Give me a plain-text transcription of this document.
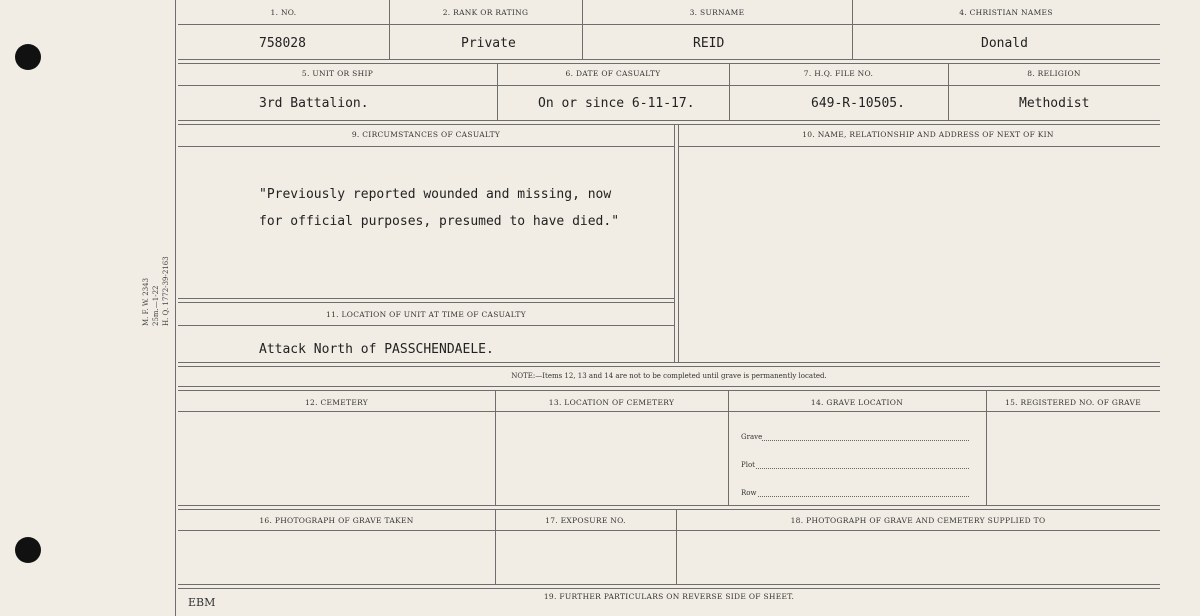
M. F. W. 2343 25m.—1-22 H. Q. 1772-39-2163
1. NO.	2. RANK OR RATING	3. SURNAME	4. CHRISTIAN NAMES
758028	Private	REID	Donald
5. UNIT OR SHIP	6. DATE OF CASUALTY	7. H.Q. FILE NO.	8. RELIGION
3rd Battalion.	On or since 6-11-17.	649-R-10505.	Methodist
9. CIRCUMSTANCES OF CASUALTY	10. NAME, RELATIONSHIP AND ADDRESS OF NEXT OF KIN
"Previously reported wounded and missing, now
for official purposes, presumed to have died."
11. LOCATION OF UNIT AT TIME OF CASUALTY
Attack North of PASSCHENDAELE.
NOTE:—Items 12, 13 and 14 are not to be completed until grave is permanently located.
12. CEMETERY	13. LOCATION OF CEMETERY	14. GRAVE LOCATION	15. REGISTERED NO. OF GRAVE
Grave
Plot
Row
16. PHOTOGRAPH OF GRAVE TAKEN	17. EXPOSURE NO.	18. PHOTOGRAPH OF GRAVE AND CEMETERY SUPPLIED TO
19. FURTHER PARTICULARS ON REVERSE SIDE OF SHEET.
EBM
